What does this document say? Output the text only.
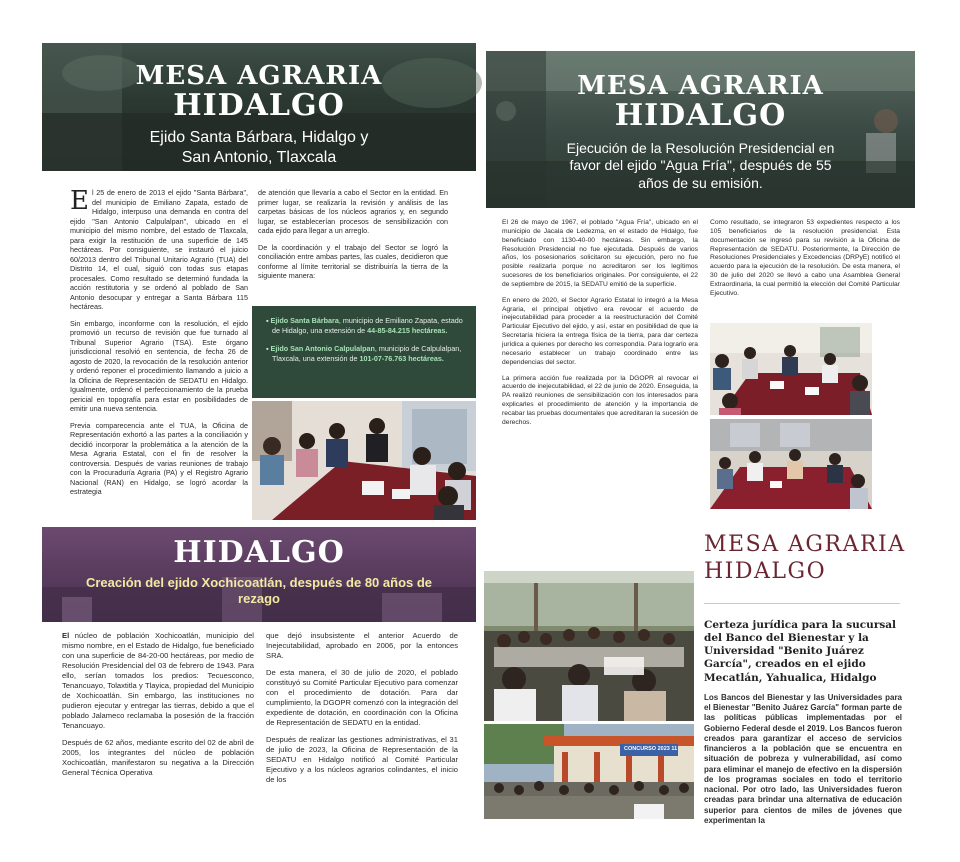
MESA AGRARIA
HIDALGO
Ejido Santa Bárbara, Hidalgo y
San Antonio, Tlaxcala

El 25 de enero de 2013 el ejido "Santa Bárbara", del municipio de Emiliano Zapata, estado de Hidalgo, interpuso una demanda en contra del ejido "San Antonio Calpulalpan", ubicado en el municipio del mismo nombre, del estado de Tlaxcala, para exigir la restitución de una superficie de 145 hectáreas. Por consiguiente, se instauró el juicio 60/2013 dentro del Tribunal Unitario Agrario (TUA) del Distrito 14, el cual, siguió con todas sus etapas procesales. Como resultado se determinó fundada la acción restitutoria y se ordenó al poblado de San Antonio desocupar y entregar a Santa Bárbara 115 hectáreas.

Sin embargo, inconforme con la resolución, el ejido promovió un recurso de revisión que fue turnado al Tribunal Superior Agrario (TSA). Este órgano jurisdiccional resolvió en sentencia, de fecha 26 de agosto de 2020, la revocación de la resolución anterior y ordenó reponer el procedimiento llamando a juicio a la Oficina de Representación de SEDATU en Hidalgo. Igualmente, ordenó el perfeccionamiento de la prueba pericial en topografía para estar en posibilidades de emitir una nueva sentencia.

Previa comparecencia ante el TUA, la Oficina de Representación exhortó a las partes a la conciliación y decidió incorporar la problemática a la atención de la Mesa Agraria Estatal, con el fin de resolver la controversia. Después de varias reuniones de trabajo con la Procuraduría Agraria (PA) y el Registro Agrario Nacional (RAN) en Hidalgo, se logró acordar la estrategia

de atención que llevaría a cabo el Sector en la entidad. En primer lugar, se realizaría la revisión y análisis de las carpetas básicas de los núcleos agrarios y, en segundo lugar, se establecerían procesos de sensibilización con cada ejido para llegar a un arreglo.

De la coordinación y el trabajo del Sector se logró la conciliación entre ambas partes, las cuales, decidieron que conforme al límite territorial se distribuiría la tierra de la siguiente manera:

▪ Ejido Santa Bárbara, municipio de Emiliano Zapata, estado de Hidalgo, una extensión de 44-85-84.215 hectáreas.

▪ Ejido San Antonio Calpulalpan, municipio de Calpulalpan, Tlaxcala, una extensión de 101-07-76.763 hectáreas.

MESA AGRARIA
HIDALGO
Ejecución de la Resolución Presidencial en
favor del ejido "Agua Fría", después de 55
años de su emisión.

El 26 de mayo de 1967, el poblado "Agua Fría", ubicado en el municipio de Jacala de Ledezma, en el estado de Hidalgo, fue beneficiado con 1130-40-00 hectáreas. Sin embargo, la Resolución Presidencial no fue ejecutada. Después de varios años, los posesionarios solicitaron su ejecución, pero no fue posible realizarla porque no acreditaron ser los legítimos sucesores de los beneficiarios originales. Por consiguiente, el 22 de septiembre de 2015, la SEDATU emitió de la superficie.

En enero de 2020, el Sector Agrario Estatal lo integró a la Mesa Agraria, el principal objetivo era revocar el acuerdo de inejecutabilidad para proceder a la reestructuración del Comité Particular Ejecutivo del ejido, y así, estar en posibilidad de que la Secretaría hiciera la entrega física de la tierra, para dar certeza jurídica a quienes por derecho les correspondía. Para lograrlo era necesario establecer un trabajo coordinado entre las dependencias del sector.

La primera acción fue realizada por la DGOPR al revocar el acuerdo de inejecutabilidad, el 22 de junio de 2020. Enseguida, la PA realizó reuniones de sensibilización con los interesados para explicarles el procedimiento de atención y la importancia de recabar las pruebas documentales que acreditaran la sucesión de derechos.

Como resultado, se integraron 53 expedientes respecto a los 105 beneficiarios de la resolución presidencial. Esta documentación se ingresó para su revisión a la Oficina de Representación de SEDATU. Posteriormente, la Dirección de Resoluciones Presidenciales y Excedencias (DRPyE) notificó el acuerdo para la ejecución de la resolución. De esta manera, el 30 de julio del 2020 se llevó a cabo una Asamblea General Extraordinaria, la cual permitió la elección del Comité Particular Ejecutivo.

HIDALGO
Creación del ejido Xochicoatlán, después de 80 años de
rezago

El núcleo de población Xochicoatlán, municipio del mismo nombre, en el Estado de Hidalgo, fue beneficiado con una superficie de 84-20-00 hectáreas, por medio de Resolución Presidencial del 03 de febrero de 1943. Para ello, serían tomados los predios: Tecuesconco, Tenancuayo, Tolaxtitla y Tlayica, propiedad del Municipio de Xochicoatlán. Sin embargo, las instituciones no pudieron ejecutar y entregar las tierras, debido a que el poblado Jalameco reclamaba la posesión de la fracción Tenancuayo.

Después de 62 años, mediante escrito del 02 de abril de 2005, los integrantes del núcleo de población Xochicoatlán, manifestaron su negativa a la Dirección General Técnica Operativa

que dejó insubsistente el anterior Acuerdo de Inejecutabilidad, aprobado en 2006, por la entonces SRA.

De esta manera, el 30 de julio de 2020, el poblado constituyó su Comité Particular Ejecutivo para comenzar con el procedimiento de dotación. Para dar cumplimiento, la DGOPR comenzó con la integración del expediente de dotación, en coordinación con la Oficina de Representación de SEDATU en la entidad.

Después de realizar las gestiones administrativas, el 31 de julio de 2023, la Oficina de Representación de la SEDATU en Hidalgo notificó al Comité Particular Ejecutivo y a los núcleos agrarios colindantes, el inicio de los

MESA AGRARIA
HIDALGO
Certeza jurídica para la sucursal
del Banco del Bienestar y la
Universidad "Benito Juárez
García", creados en el ejido
Mecatlán, Yahualica, Hidalgo
Los Bancos del Bienestar y las Universidades para el Bienestar "Benito Juárez García" forman parte de las políticas públicas implementadas por el Gobierno Federal desde el 2019. Los Bancos fueron creados para garantizar el acceso de servicios financieros a la población que se encuentra en situación de pobreza y vulnerabilidad, así como para eliminar el manejo de efectivo en la dispersión de los programas sociales en todo el territorio nacional. Por otro lado, las Universidades fueron creadas para brindar una alternativa de educación superior para cientos de miles de jóvenes que experimentan la
CONCURSO 2023 11
